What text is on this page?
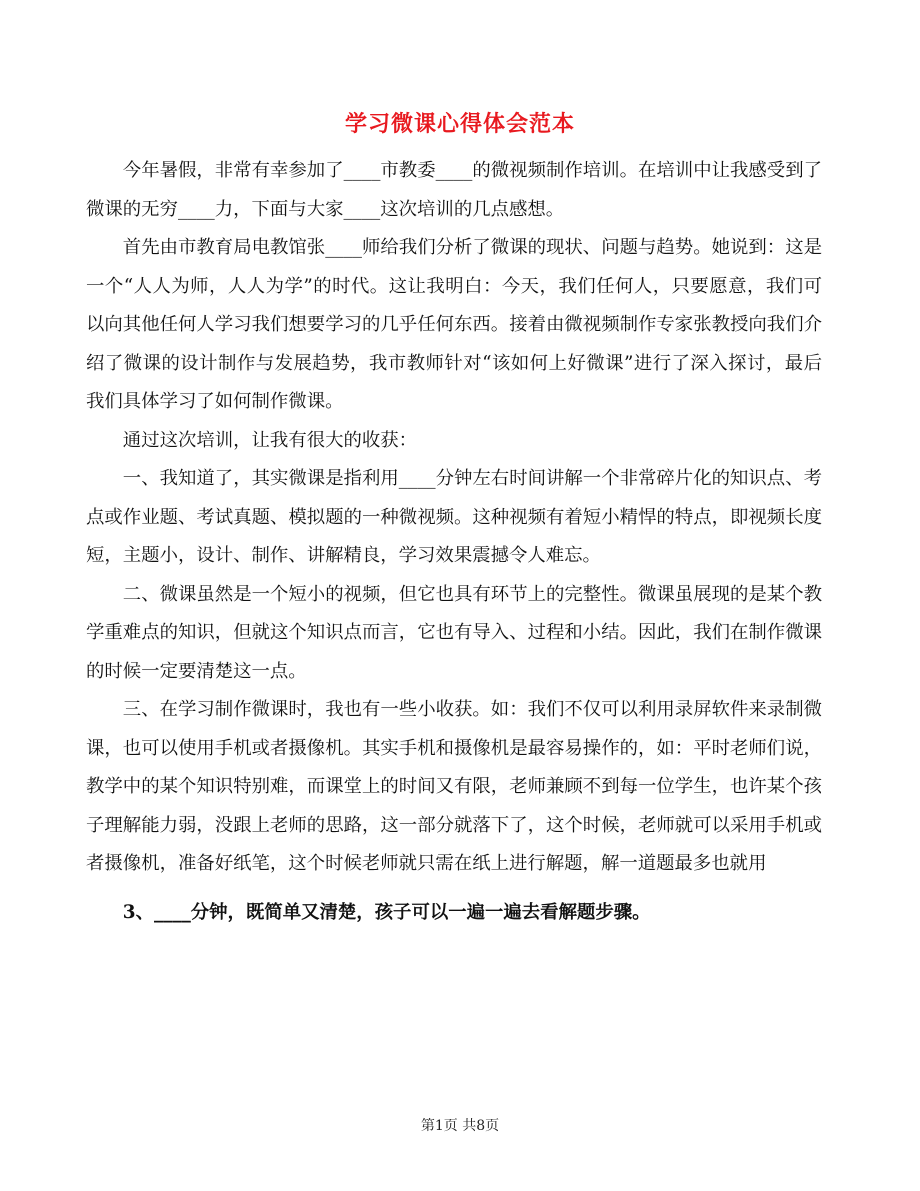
学习微课心得体会范本

今年暑假，非常有幸参加了____市教委____的微视频制作培训。在培训中让我感受到了微课的无穷____力，下面与大家____这次培训的几点感想。

首先由市教育局电教馆张____师给我们分析了微课的现状、问题与趋势。她说到：这是一个“人人为师，人人为学”的时代。这让我明白：今天，我们任何人，只要愿意，我们可以向其他任何人学习我们想要学习的几乎任何东西。接着由微视频制作专家张教授向我们介绍了微课的设计制作与发展趋势，我市教师针对“该如何上好微课”进行了深入探讨，最后我们具体学习了如何制作微课。

通过这次培训，让我有很大的收获：

一、我知道了，其实微课是指利用____分钟左右时间讲解一个非常碎片化的知识点、考点或作业题、考试真题、模拟题的一种微视频。这种视频有着短小精悍的特点，即视频长度短，主题小，设计、制作、讲解精良，学习效果震撼令人难忘。

二、微课虽然是一个短小的视频，但它也具有环节上的完整性。微课虽展现的是某个教学重难点的知识，但就这个知识点而言，它也有导入、过程和小结。因此，我们在制作微课的时候一定要清楚这一点。

三、在学习制作微课时，我也有一些小收获。如：我们不仅可以利用录屏软件来录制微课，也可以使用手机或者摄像机。其实手机和摄像机是最容易操作的，如：平时老师们说，教学中的某个知识特别难，而课堂上的时间又有限，老师兼顾不到每一位学生，也许某个孩子理解能力弱，没跟上老师的思路，这一部分就落下了，这个时候，老师就可以采用手机或者摄像机，准备好纸笔，这个时候老师就只需在纸上进行解题，解一道题最多也就用

3、____分钟，既简单又清楚，孩子可以一遍一遍去看解题步骤。

第1页 共8页
